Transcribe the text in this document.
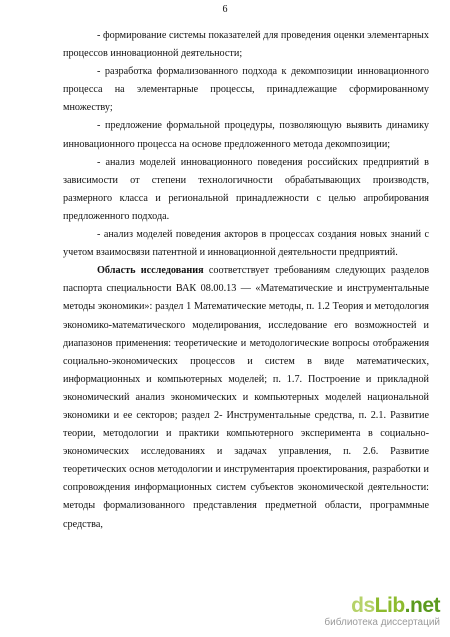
6

- формирование системы показателей для проведения оценки элементарных процессов инновационной деятельности;

- разработка формализованного подхода к декомпозиции инновационного процесса на элементарные процессы, принадлежащие сформированному множеству;

- предложение формальной процедуры, позволяющую выявить динамику инновационного процесса на основе предложенного метода декомпозиции;

- анализ моделей инновационного поведения российских предприятий в зависимости от степени технологичности обрабатывающих производств, размерного класса и региональной принадлежности с целью апробирования предложенного подхода.

- анализ моделей поведения акторов в процессах создания новых знаний с учетом взаимосвязи патентной и инновационной деятельности предприятий.

Область исследования соответствует требованиям следующих разделов паспорта специальности ВАК 08.00.13 — «Математические и инструментальные методы экономики»: раздел 1 Математические методы, п. 1.2 Теория и методология экономико-математического моделирования, исследование его возможностей и диапазонов применения: теоретические и методологические вопросы отображения социально-экономических процессов и систем в виде математических, информационных и компьютерных моделей; п. 1.7. Построение и прикладной экономический анализ экономических и компьютерных моделей национальной экономики и ее секторов; раздел 2- Инструментальные средства, п. 2.1. Развитие теории, методологии и практики компьютерного эксперимента в социально-экономических исследованиях и задачах управления, п. 2.6. Развитие теоретических основ методологии и инструментария проектирования, разработки и сопровождения информационных систем субъектов экономической деятельности: методы формализованного представления предметной области, программные средства,

dsLib.net
библиотека диссертаций
